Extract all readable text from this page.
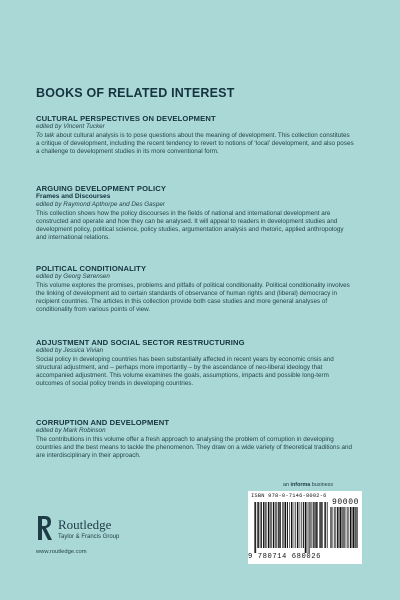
BOOKS OF RELATED INTEREST
CULTURAL PERSPECTIVES ON DEVELOPMENT
edited by Vincent Tucker

To talk about cultural analysis is to pose questions about the meaning of development. This collection constitutes a critique of development, including the recent tendency to revert to notions of ‘local’ development, and also poses a challenge to development studies in its more conventional form.

ARGUING DEVELOPMENT POLICY
Frames and Discourses
edited by Raymond Apthorpe and Des Gasper

This collection shows how the policy discourses in the fields of national and international development are constructed and operate and how they can be analysed. It will appeal to readers in development studies and development policy, political science, policy studies, argumentation analysis and rhetoric, applied anthropology and international relations.

POLITICAL CONDITIONALITY
edited by Georg Sørensen

This volume explores the promises, problems and pitfalls of political conditionality. Political conditionality involves the linking of development aid to certain standards of observance of human rights and (liberal) democracy in recipient countries. The articles in this collection provide both case studies and more general analyses of conditionality from various points of view.

ADJUSTMENT AND SOCIAL SECTOR RESTRUCTURING
edited by Jessica Vivian

Social policy in developing countries has been substantially affected in recent years by economic crisis and structural adjustment, and – perhaps more importantly – by the ascendance of neo-liberal ideology that accompanied adjustment. This volume examines the goals, assumptions, impacts and possible long-term outcomes of social policy trends in developing countries.

CORRUPTION AND DEVELOPMENT
edited by Mark Robinson

The contributions in this volume offer a fresh approach to analysing the problem of corruption in developing countries and the best means to tackle the phenomenon. They draw on a wide variety of theoretical traditions and are interdisciplinary in their approach.

Routledge
Taylor & Francis Group
www.routledge.com
an informa business
ISBN 978-0-7146-8002-6
90000
9 780714 680026
